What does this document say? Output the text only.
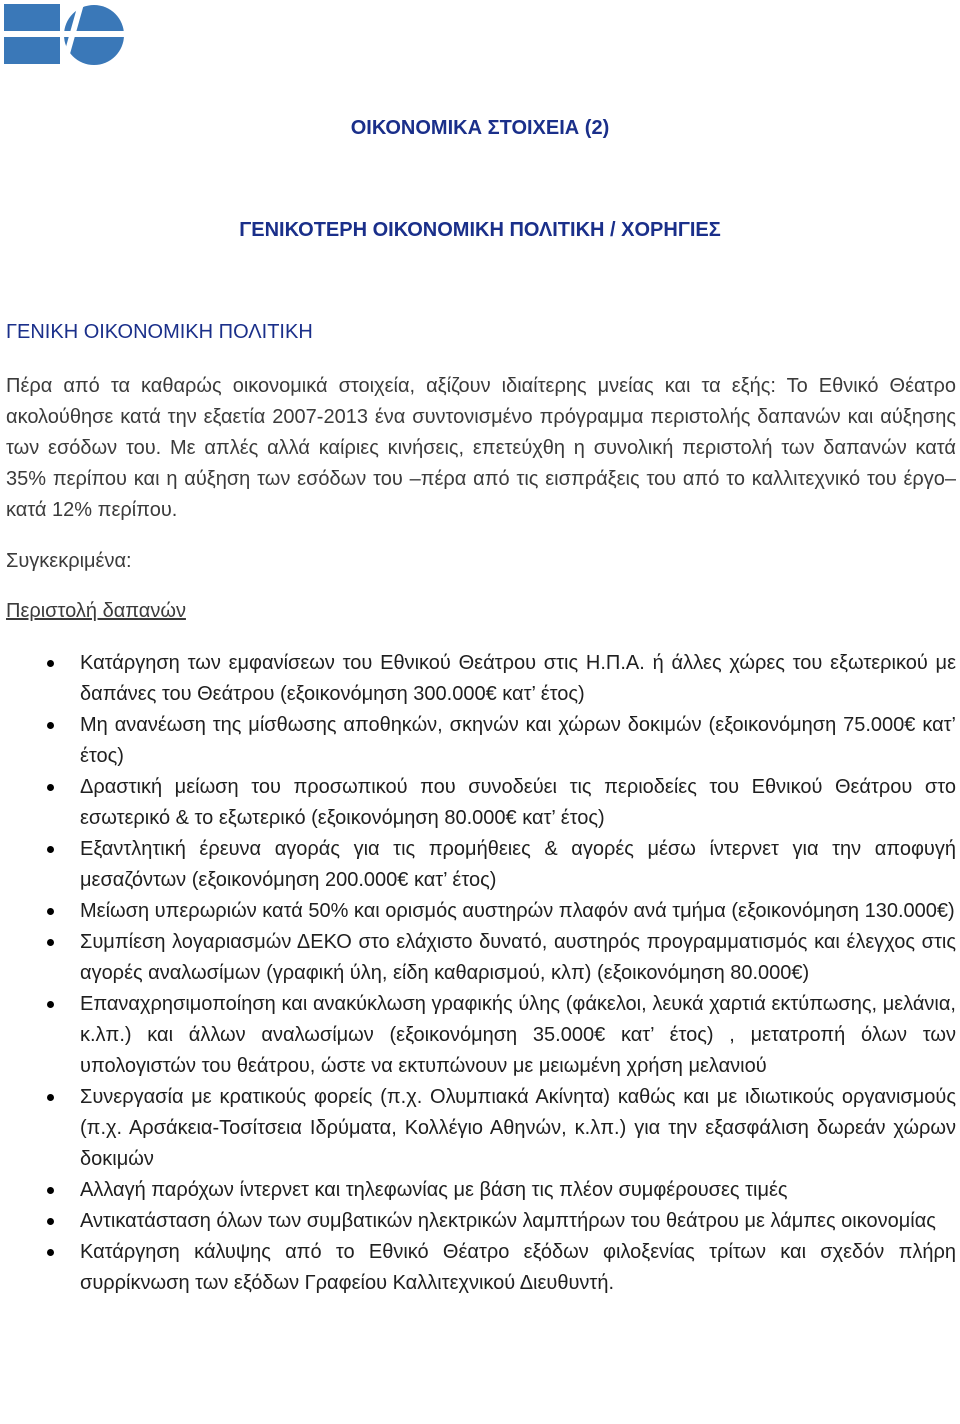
ΟΙΚΟΝΟΜΙΚΑ ΣΤΟΙΧΕΙΑ (2)
ΓΕΝΙΚΟΤΕΡΗ ΟΙΚΟΝΟΜΙΚΗ ΠΟΛΙΤΙΚΗ / ΧΟΡΗΓΙΕΣ
ΓΕΝΙΚΗ ΟΙΚΟΝΟΜΙΚΗ ΠΟΛΙΤΙΚΗ

Πέρα από τα καθαρώς οικονομικά στοιχεία, αξίζουν ιδιαίτερης μνείας και τα εξής: Το Εθνικό Θέατρο ακολούθησε κατά την εξαετία 2007-2013 ένα συντονισμένο πρόγραμμα περιστολής δαπανών και αύξησης των εσόδων του. Με απλές αλλά καίριες κινήσεις, επετεύχθη η συνολική περιστολή των δαπανών κατά 35% περίπου και η αύξηση των εσόδων του –πέρα από τις εισπράξεις του από το καλλιτεχνικό του έργο– κατά 12% περίπου.

Συγκεκριμένα:

Περιστολή δαπανών

Κατάργηση των εμφανίσεων του Εθνικού Θεάτρου στις Η.Π.Α. ή άλλες χώρες του εξωτερικού με δαπάνες του Θεάτρου (εξοικονόμηση 300.000€ κατ’ έτος)
Μη ανανέωση της μίσθωσης αποθηκών, σκηνών και χώρων δοκιμών (εξοικονόμηση 75.000€ κατ’ έτος)
Δραστική μείωση του προσωπικού που συνοδεύει τις περιοδείες του Εθνικού Θεάτρου στο εσωτερικό & το εξωτερικό (εξοικονόμηση 80.000€ κατ’ έτος)
Εξαντλητική έρευνα αγοράς για τις προμήθειες & αγορές μέσω ίντερνετ για την αποφυγή μεσαζόντων (εξοικονόμηση 200.000€ κατ’ έτος)
Μείωση υπερωριών κατά 50% και ορισμός αυστηρών πλαφόν ανά τμήμα (εξοικονόμηση 130.000€)
Συμπίεση λογαριασμών ΔΕΚΟ στο ελάχιστο δυνατό, αυστηρός προγραμματισμός και έλεγχος στις αγορές αναλωσίμων (γραφική ύλη, είδη καθαρισμού, κλπ) (εξοικονόμηση 80.000€)
Επαναχρησιμοποίηση και ανακύκλωση γραφικής ύλης (φάκελοι, λευκά χαρτιά εκτύπωσης, μελάνια, κ.λπ.) και άλλων αναλωσίμων (εξοικονόμηση 35.000€ κατ’ έτος) , μετατροπή όλων των υπολογιστών του θεάτρου, ώστε να εκτυπώνουν με μειωμένη χρήση μελανιού
Συνεργασία με κρατικούς φορείς (π.χ. Ολυμπιακά Ακίνητα) καθώς και με ιδιωτικούς οργανισμούς (π.χ. Αρσάκεια-Τοσίτσεια Ιδρύματα, Κολλέγιο Αθηνών, κ.λπ.) για την εξασφάλιση δωρεάν χώρων δοκιμών
Αλλαγή παρόχων ίντερνετ και τηλεφωνίας με βάση τις πλέον συμφέρουσες τιμές
Αντικατάσταση όλων των συμβατικών ηλεκτρικών λαμπτήρων του θεάτρου με λάμπες οικονομίας
Κατάργηση κάλυψης από το Εθνικό Θέατρο εξόδων φιλοξενίας τρίτων και σχεδόν πλήρη συρρίκνωση των εξόδων Γραφείου Καλλιτεχνικού Διευθυντή.
